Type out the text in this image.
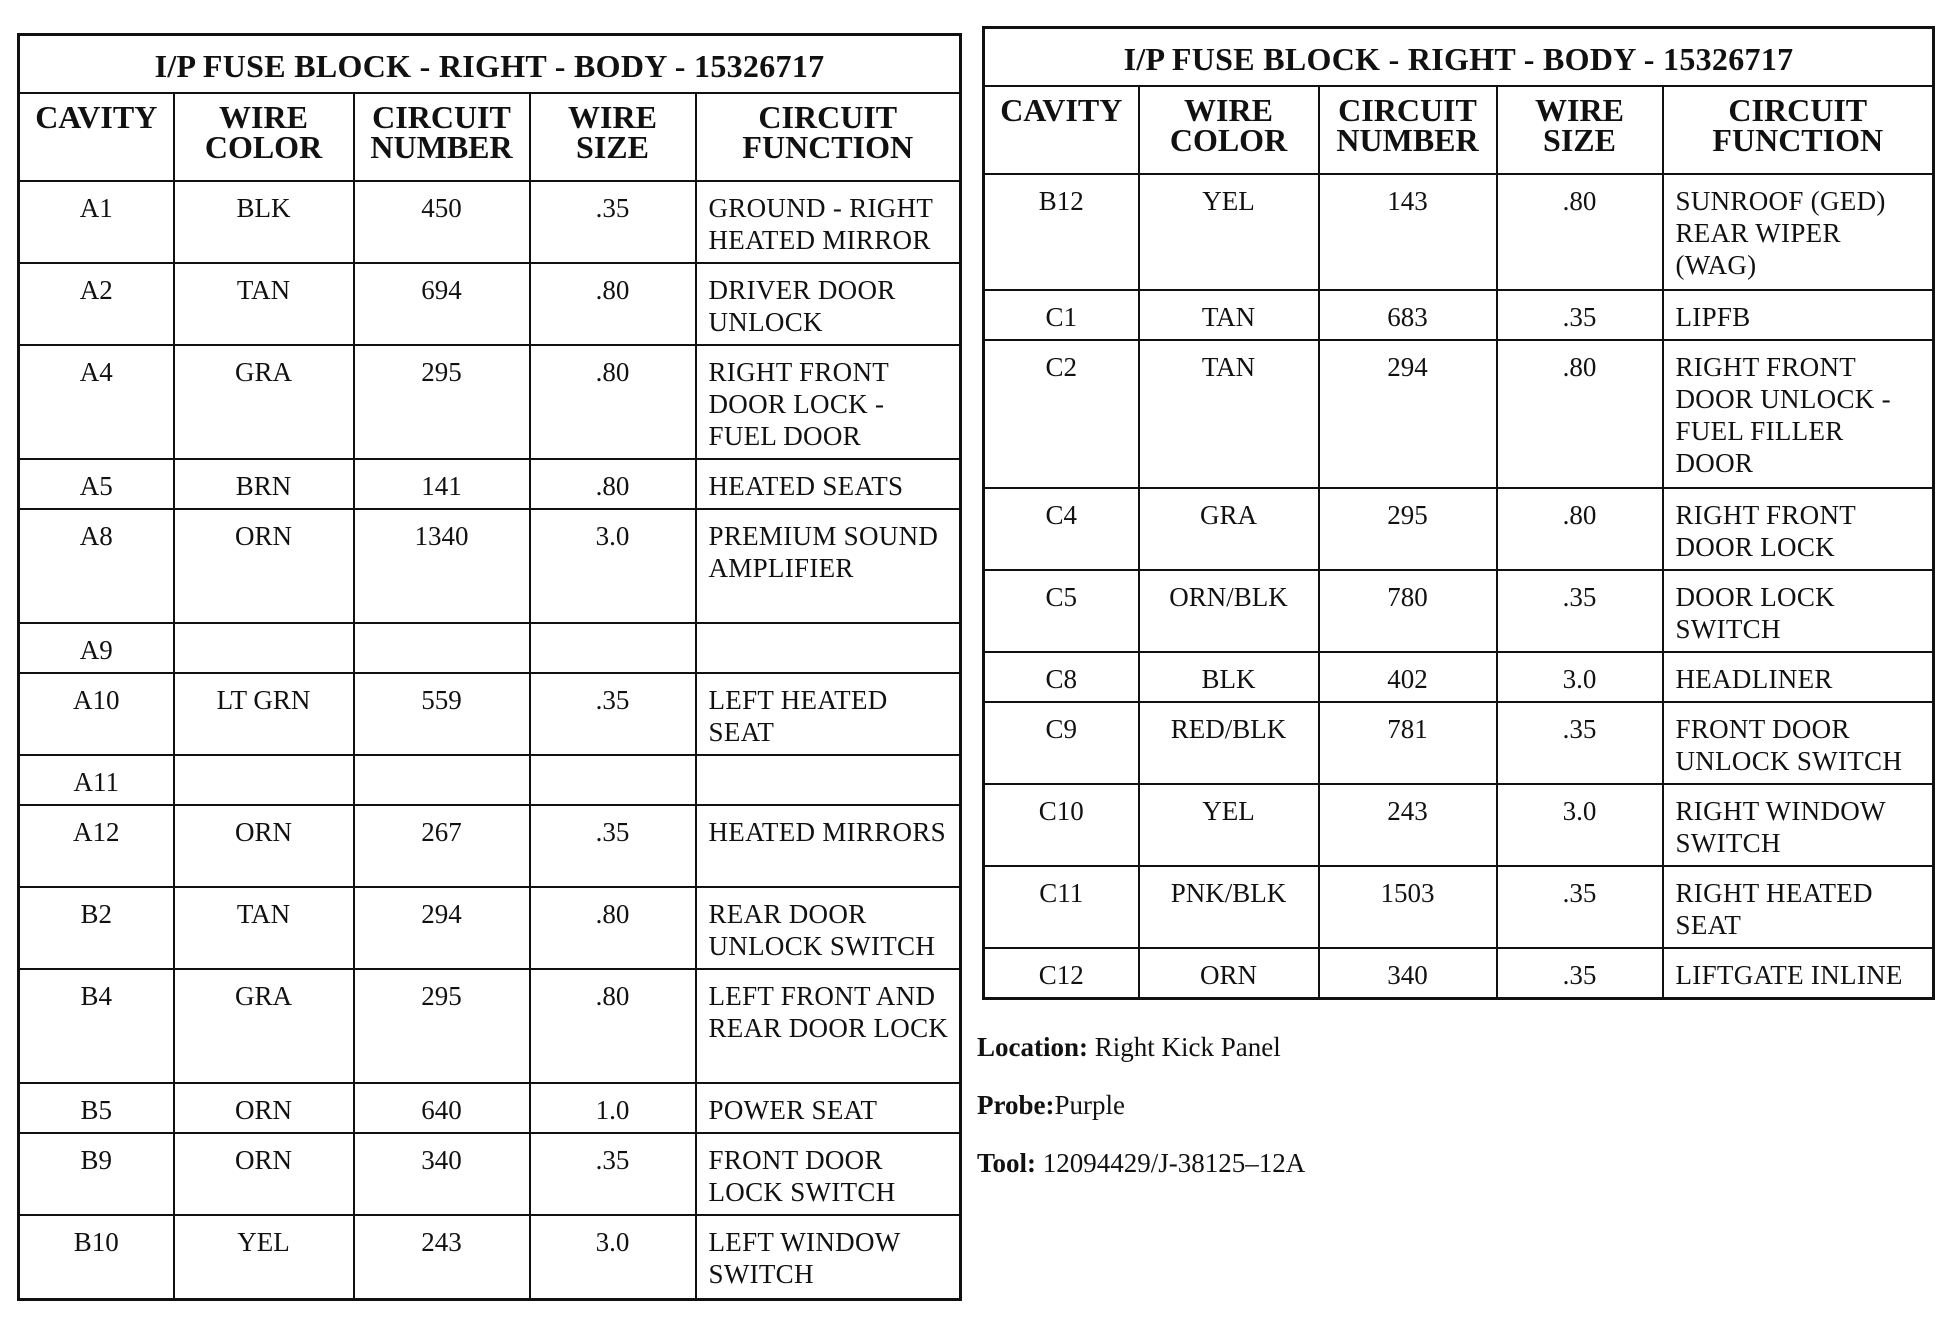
I/P FUSE BLOCK - RIGHT - BODY - 15326717				
CAVITY	WIRE COLOR	CIRCUIT NUMBER	WIRE SIZE	CIRCUIT FUNCTION
A1	BLK	450	.35	GROUND - RIGHT HEATED MIRROR
A2	TAN	694	.80	DRIVER DOOR UNLOCK
A4	GRA	295	.80	RIGHT FRONT DOOR LOCK - FUEL DOOR
A5	BRN	141	.80	HEATED SEATS
A8	ORN	1340	3.0	PREMIUM SOUND AMPLIFIER
A9				
A10	LT GRN	559	.35	LEFT HEATED SEAT
A11				
A12	ORN	267	.35	HEATED MIRRORS
B2	TAN	294	.80	REAR DOOR UNLOCK SWITCH
B4	GRA	295	.80	LEFT FRONT AND REAR DOOR LOCK
B5	ORN	640	1.0	POWER SEAT
B9	ORN	340	.35	FRONT DOOR LOCK SWITCH
B10	YEL	243	3.0	LEFT WINDOW SWITCH
I/P FUSE BLOCK - RIGHT - BODY - 15326717				
CAVITY	WIRE COLOR	CIRCUIT NUMBER	WIRE SIZE	CIRCUIT FUNCTION
B12	YEL	143	.80	SUNROOF (GED) REAR WIPER (WAG)
C1	TAN	683	.35	LIPFB
C2	TAN	294	.80	RIGHT FRONT DOOR UNLOCK - FUEL FILLER DOOR
C4	GRA	295	.80	RIGHT FRONT DOOR LOCK
C5	ORN/BLK	780	.35	DOOR LOCK SWITCH
C8	BLK	402	3.0	HEADLINER
C9	RED/BLK	781	.35	FRONT DOOR UNLOCK SWITCH
C10	YEL	243	3.0	RIGHT WINDOW SWITCH
C11	PNK/BLK	1503	.35	RIGHT HEATED SEAT
C12	ORN	340	.35	LIFTGATE INLINE
Location: Right Kick Panel
Probe:Purple
Tool: 12094429/J-38125–12A
